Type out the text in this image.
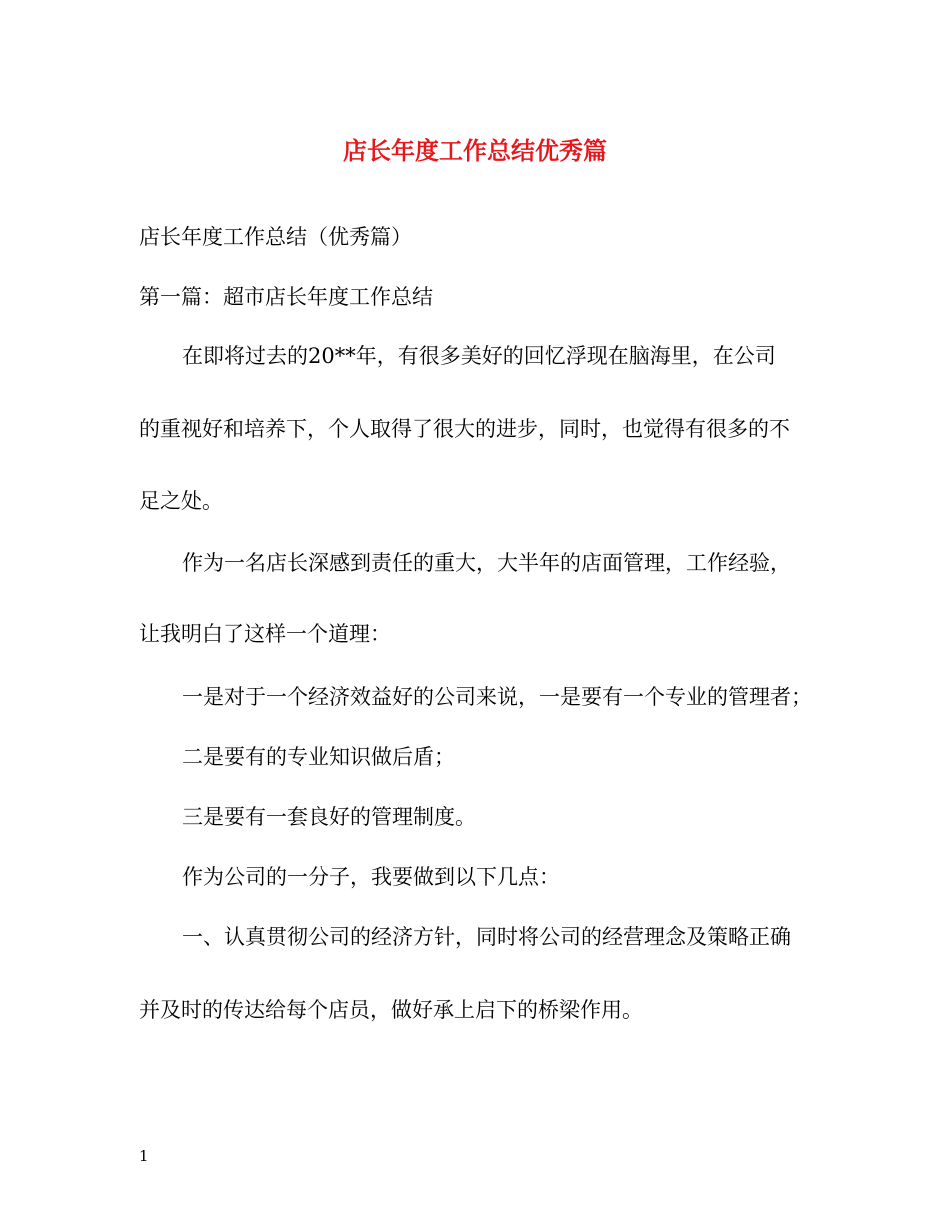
店长年度工作总结优秀篇
店长年度工作总结（优秀篇）
第一篇：超市店长年度工作总结
在即将过去的20**年，有很多美好的回忆浮现在脑海里，在公司
的重视好和培养下，个人取得了很大的进步，同时，也觉得有很多的不
足之处。
作为一名店长深感到责任的重大，大半年的店面管理，工作经验，
让我明白了这样一个道理：
一是对于一个经济效益好的公司来说，一是要有一个专业的管理者；
二是要有的专业知识做后盾；
三是要有一套良好的管理制度。
作为公司的一分子，我要做到以下几点：
一、认真贯彻公司的经济方针，同时将公司的经营理念及策略正确
并及时的传达给每个店员，做好承上启下的桥梁作用。
1
